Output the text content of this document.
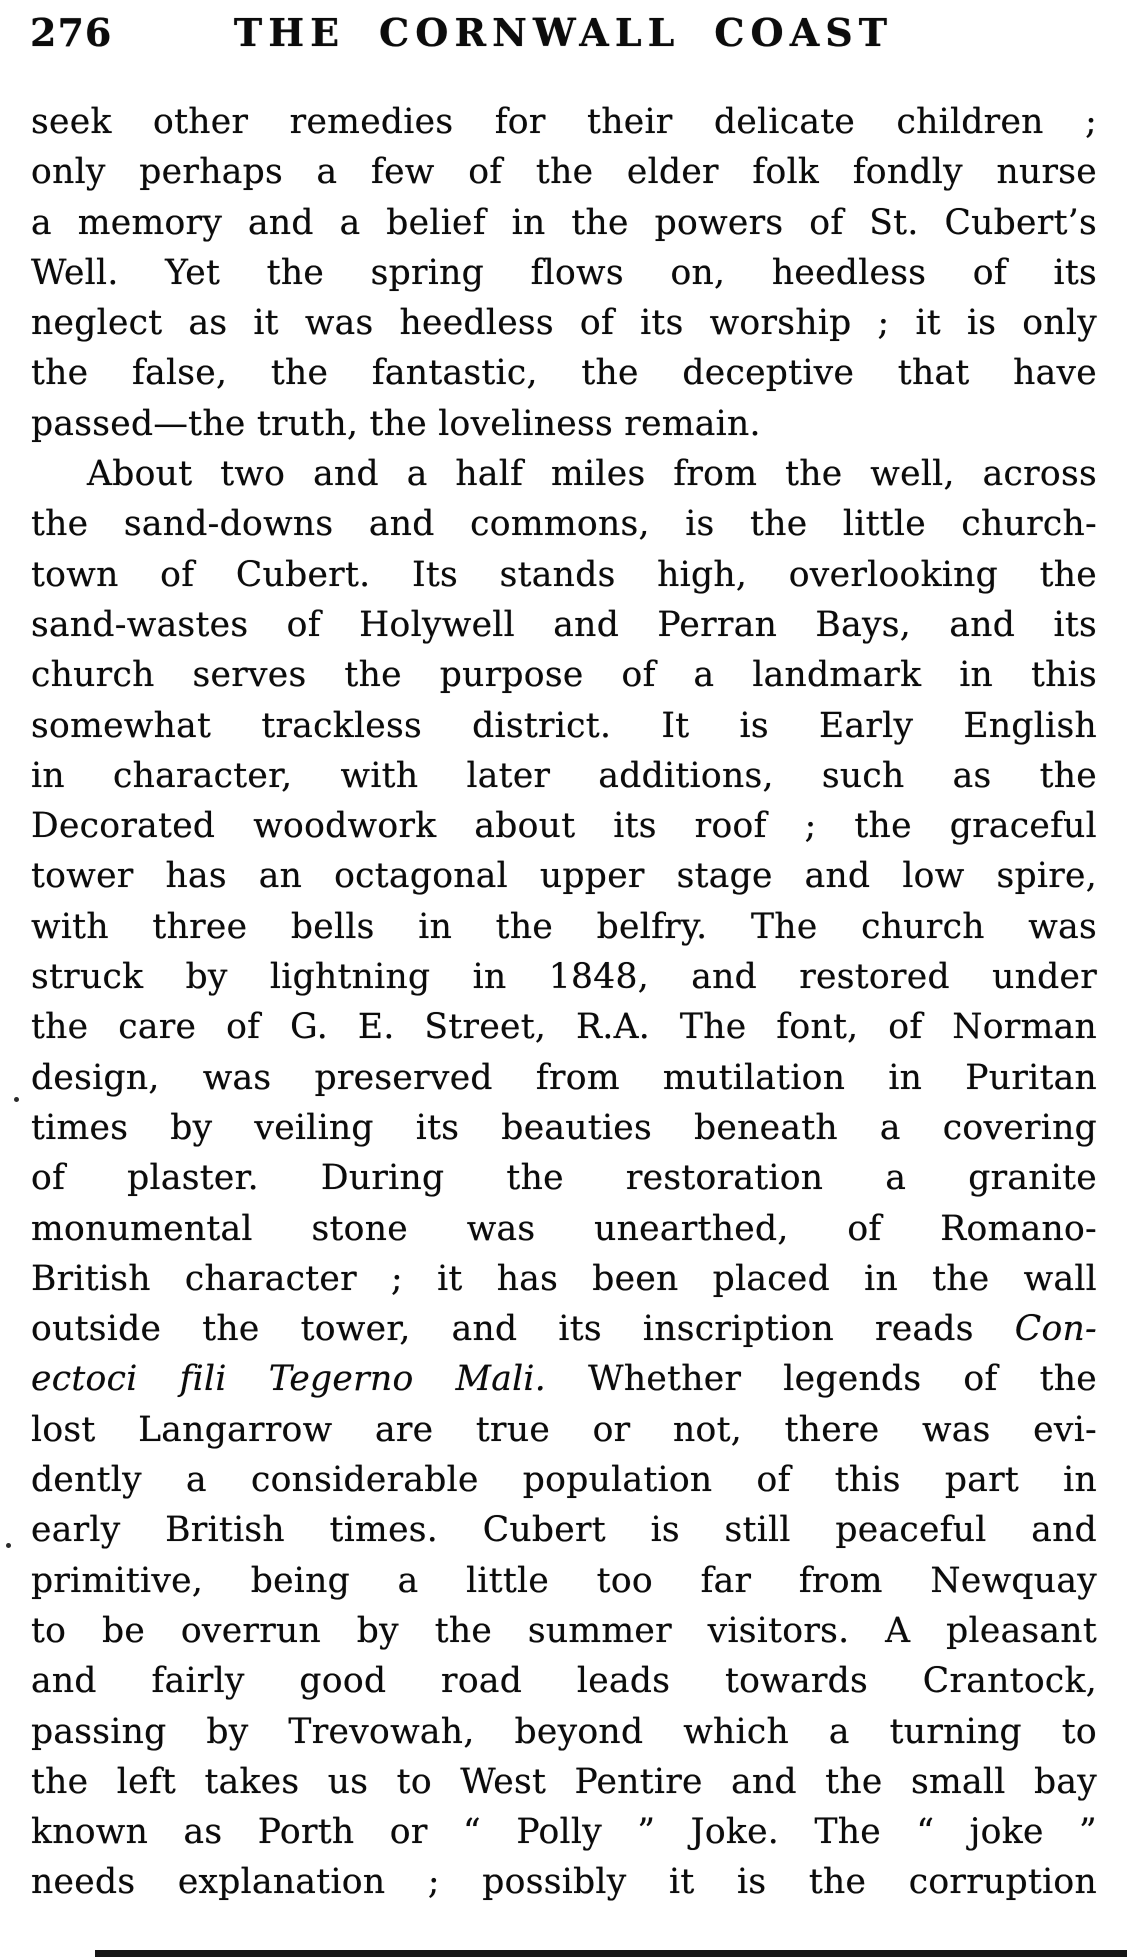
276	THE CORNWALL COAST
seek other remedies for their delicate children ;
only perhaps a few of the elder folk fondly nurse
a memory and a belief in the powers of St. Cubert’s
Well. Yet the spring flows on, heedless of its
neglect as it was heedless of its worship ; it is only
the false, the fantastic, the deceptive that have
passed—the truth, the loveliness remain.
About two and a half miles from the well, across
the sand-downs and commons, is the little church-
town of Cubert. Its stands high, overlooking the
sand-wastes of Holywell and Perran Bays, and its
church serves the purpose of a landmark in this
somewhat trackless district. It is Early English
in character, with later additions, such as the
Decorated woodwork about its roof ; the graceful
tower has an octagonal upper stage and low spire,
with three bells in the belfry. The church was
struck by lightning in 1848, and restored under
the care of G. E. Street, R.A. The font, of Norman
design, was preserved from mutilation in Puritan
times by veiling its beauties beneath a covering
of plaster. During the restoration a granite
monumental stone was unearthed, of Romano-
British character ; it has been placed in the wall
outside the tower, and its inscription reads Con-
ectoci fili Tegerno Mali. Whether legends of the
lost Langarrow are true or not, there was evi-
dently a considerable population of this part in
early British times. Cubert is still peaceful and
primitive, being a little too far from Newquay
to be overrun by the summer visitors. A pleasant
and fairly good road leads towards Crantock,
passing by Trevowah, beyond which a turning to
the left takes us to West Pentire and the small bay
known as Porth or “ Polly ” Joke. The “ joke ”
needs explanation ; possibly it is the corruption
